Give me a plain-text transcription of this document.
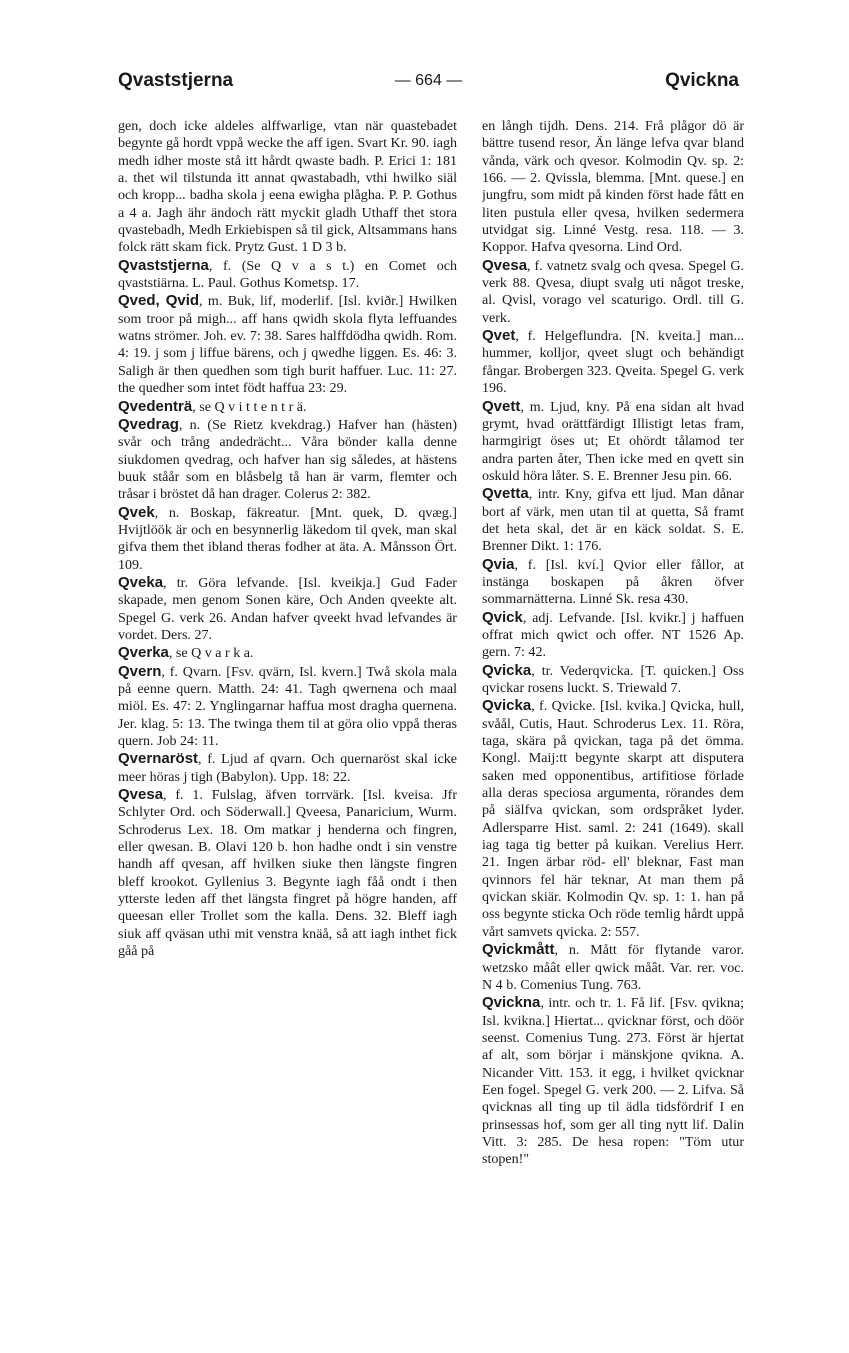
Qvaststjerna	— 664 —	Qvickna

gen, doch icke aldeles alffwarlige, vtan när quastebadet begynte gå hordt vppå wecke the aff igen. Svart Kr. 90. iagh medh idher moste stå itt hårdt qwaste badh. P. Erici 1: 181 a. thet wil tilstunda itt annat qwastabadh, vthi hwilko siäl och kropp... badha skola j eena ewigha plågha. P. P. Gothus a 4 a. Jagh ähr ändoch rätt myckit gladh Uthaff thet stora qvastebadh, Medh Erkiebispen så til gick, Altsammans hans folck rätt skam fick. Prytz Gust. 1 D 3 b.

Qvaststjerna, f. (Se Q v a s t.) en Comet och qvaststiärna. L. Paul. Gothus Kometsp. 17.

Qved, Qvid, m. Buk, lif, moderlif. [Isl. kviðr.] Hwilken som troor på migh... aff hans qwidh skola flyta leffuandes watns strömer. Joh. ev. 7: 38. Sares halffdödha qwidh. Rom. 4: 19. j som j liffue bärens, och j qwedhe liggen. Es. 46: 3. Saligh är then quedhen som tigh burit haffuer. Luc. 11: 27. the quedher som intet födt haffua 23: 29.

Qvedenträ, se Q v i t t e n t r ä.

Qvedrag, n. (Se Rietz kvekdrag.) Hafver han (hästen) svår och trång andedrächt... Våra bönder kalla denne siukdomen qvedrag, och hafver han sig således, at hästens buuk ståår som en blåsbelg tå han är varm, flemter och tråsar i bröstet då han drager. Colerus 2: 382.

Qvek, n. Boskap, fäkreatur. [Mnt. quek, D. qvæg.] Hvijtlöök är och en besynnerlig läkedom til qvek, man skal gifva them thet ibland theras fodher at äta. A. Månsson Ört. 109.

Qveka, tr. Göra lefvande. [Isl. kveikja.] Gud Fader skapade, men genom Sonen käre, Och Anden qveekte alt. Spegel G. verk 26. Andan hafver qveekt hvad lefvandes är vordet. Ders. 27.

Qverka, se Q v a r k a.

Qvern, f. Qvarn. [Fsv. qvärn, Isl. kvern.] Twå skola mala på eenne quern. Matth. 24: 41. Tagh qwernena och maal miöl. Es. 47: 2. Ynglingarnar haffua most dragha quernena. Jer. klag. 5: 13. The twinga them til at göra olio vppå theras quern. Job 24: 11.

Qvernaröst, f. Ljud af qvarn. Och quernaröst skal icke meer höras j tigh (Babylon). Upp. 18: 22.

Qvesa, f. 1. Fulslag, äfven torrvärk. [Isl. kveisa. Jfr Schlyter Ord. och Söderwall.] Qveesa, Panaricium, Wurm. Schroderus Lex. 18. Om matkar j henderna och fingren, eller qwesan. B. Olavi 120 b. hon hadhe ondt i sin venstre handh aff qvesan, aff hvilken siuke then längste fingren bleff krookot. Gyllenius 3. Begynte iagh fåå ondt i then ytterste leden aff thet längsta fingret på högre handen, aff queesan eller Trollet som the kalla. Dens. 32. Bleff iagh siuk aff qväsan uthi mit venstra knäå, så att iagh inthet fick gåå på

en långh tijdh. Dens. 214. Frå plågor dö är bättre tusend resor, Än länge lefva qvar bland vånda, värk och qvesor. Kolmodin Qv. sp. 2: 166. — 2. Qvissla, blemma. [Mnt. quese.] en jungfru, som midt på kinden först hade fått en liten pustula eller qvesa, hvilken sedermera utvidgat sig. Linné Vestg. resa. 118. — 3. Koppor. Hafva qvesorna. Lind Ord.

Qvesa, f. vatnetz svalg och qvesa. Spegel G. verk 88. Qvesa, diupt svalg uti något treske, al. Qvisl, vorago vel scaturigo. Ordl. till G. verk.

Qvet, f. Helgeflundra. [N. kveita.] man... hummer, kolljor, qveet slugt och behändigt fångar. Brobergen 323. Qveita. Spegel G. verk 196.

Qvett, m. Ljud, kny. På ena sidan alt hvad grymt, hvad orättfärdigt Illistigt letas fram, harmgirigt öses ut; Et ohördt tålamod ter andra parten åter, Then icke med en qvett sin oskuld höra låter. S. E. Brenner Jesu pin. 66.

Qvetta, intr. Kny, gifva ett ljud. Man dånar bort af värk, men utan til at quetta, Så framt det heta skal, det är en käck soldat. S. E. Brenner Dikt. 1: 176.

Qvia, f. [Isl. kví.] Qvior eller fållor, at instänga boskapen på åkren öfver sommarnätterna. Linné Sk. resa 430.

Qvick, adj. Lefvande. [Isl. kvikr.] j haffuen offrat mich qwict och offer. NT 1526 Ap. gern. 7: 42.

Qvicka, tr. Vederqvicka. [T. quicken.] Oss qvickar rosens luckt. S. Triewald 7.

Qvicka, f. Qvicke. [Isl. kvika.] Qvicka, hull, svåål, Cutis, Haut. Schroderus Lex. 11. Röra, taga, skära på qvickan, taga på det ömma. Kongl. Maij:tt begynte skarpt att disputera saken med opponentibus, artifitiose förlade alla deras speciosa argumenta, rörandes dem på siälfva qvickan, som ordspråket lyder. Adlersparre Hist. saml. 2: 241 (1649). skall iag taga tig better på kuikan. Verelius Herr. 21. Ingen ärbar röd- ell' bleknar, Fast man qvinnors fel här teknar, At man them på qvickan skiär. Kolmodin Qv. sp. 1: 1. han på oss begynte sticka Och röde temlig hårdt uppå vårt samvets qvicka. 2: 557.

Qvickmått, n. Mått för flytande varor. wetzsko måât eller qwick måât. Var. rer. voc. N 4 b. Comenius Tung. 763.

Qvickna, intr. och tr. 1. Få lif. [Fsv. qvikna; Isl. kvikna.] Hiertat... qvicknar först, och döör seenst. Comenius Tung. 273. Först är hjertat af alt, som börjar i mänskjone qvikna. A. Nicander Vitt. 153. it egg, i hvilket qvicknar Een fogel. Spegel G. verk 200. — 2. Lifva. Så qvicknas all ting up til ädla tidsfördrif I en prinsessas hof, som ger all ting nytt lif. Dalin Vitt. 3: 285. De hesa ropen: "Töm utur stopen!"
